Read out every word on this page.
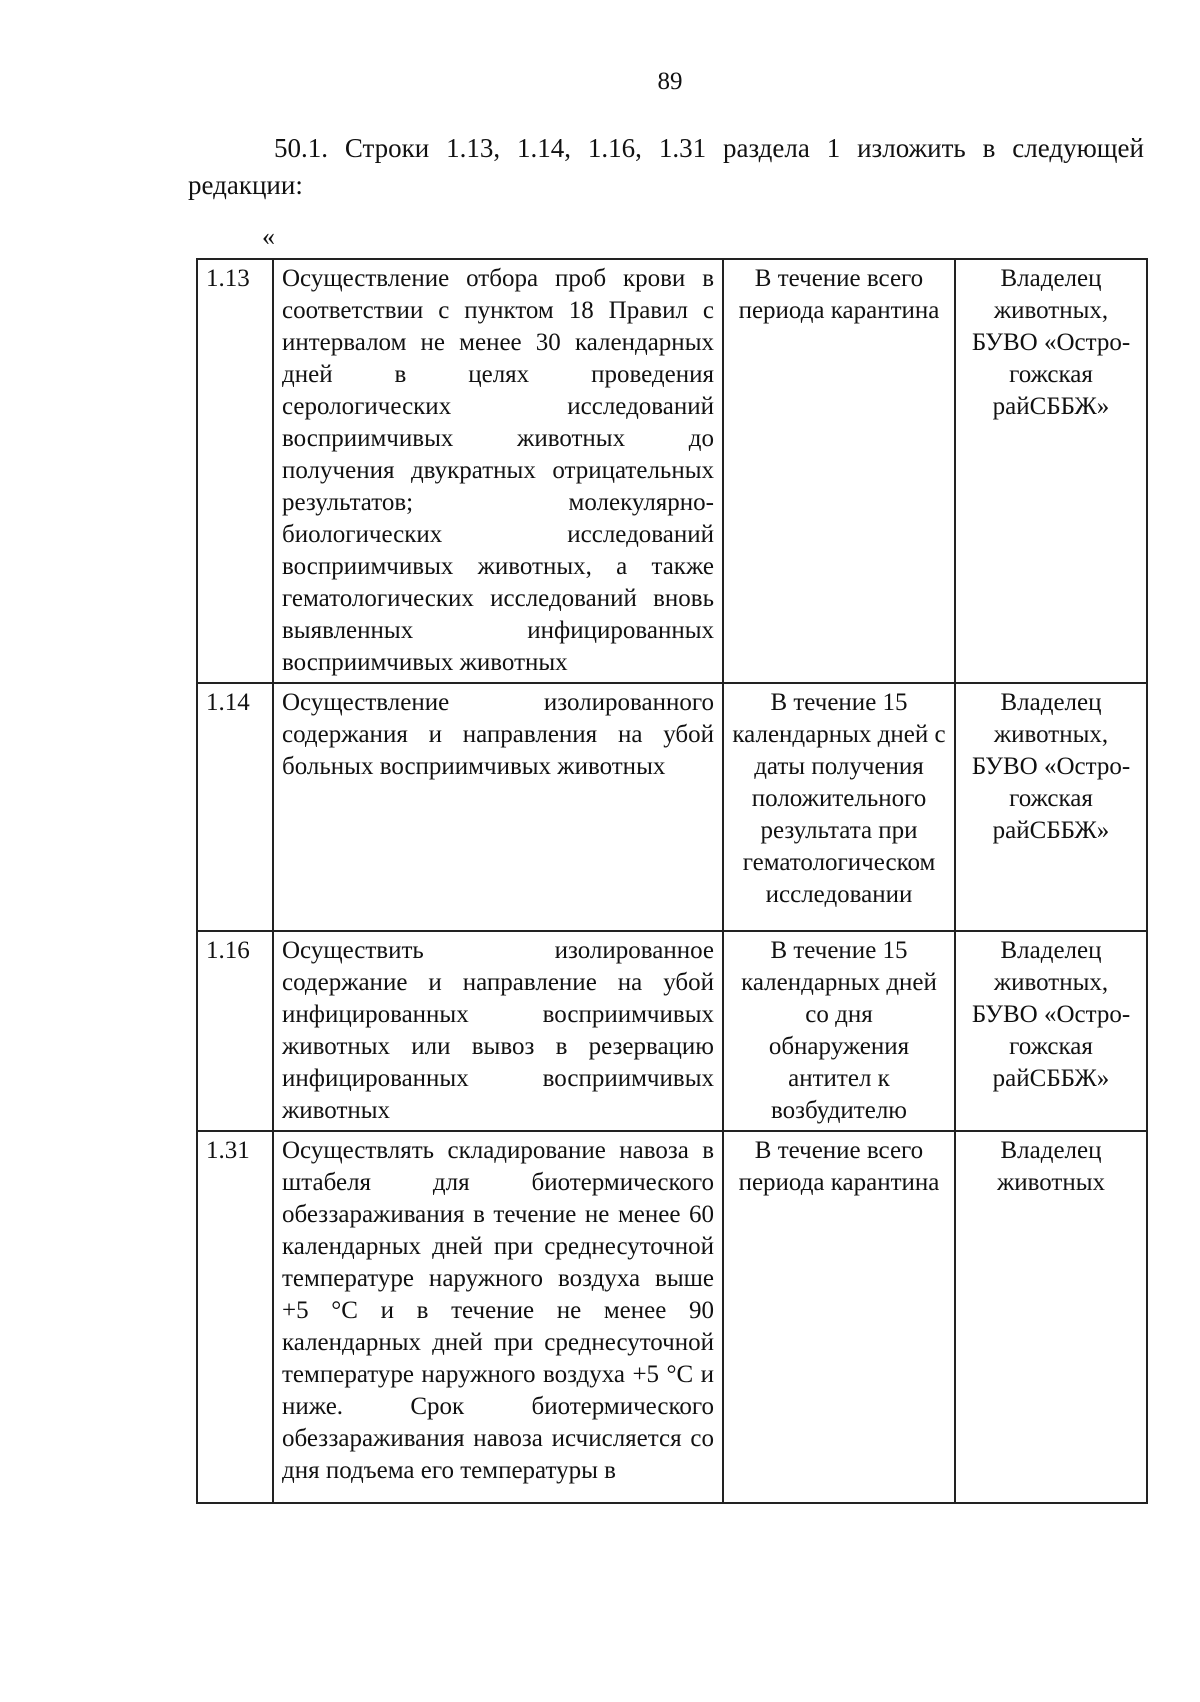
89

50.1. Строки 1.13, 1.14, 1.16, 1.31 раздела 1 изложить в следующей редакции:

«
1.13	Осуществление отбора проб крови в соответствии с пунктом 18 Правил с интервалом не менее 30 календарных дней в целях проведения серологических исследований восприимчивых животных до получения двукратных отрицательных результатов; молекулярно-биологических исследований восприимчивых животных, а также гематологических исследований вновь выявленных инфицированных восприимчивых животных	В течение всего периода карантина	Владелец животных, БУВО «Остро-гожская райСББЖ»
1.14	Осуществление изолированного содержания и направления на убой больных восприимчивых животных	В течение 15 календарных дней с даты получения положительного результата при гематологическом исследовании	Владелец животных, БУВО «Остро-гожская райСББЖ»
1.16	Осуществить изолированное содержание и направление на убой инфицированных восприимчивых животных или вывоз в резервацию инфицированных восприимчивых животных	В течение 15 календарных дней со дня обнаружения антител к возбудителю	Владелец животных, БУВО «Остро-гожская райСББЖ»
1.31	Осуществлять складирование навоза в штабеля для биотермического обеззараживания в течение не менее 60 календарных дней при среднесуточной температуре наружного воздуха выше +5 °С и в течение не менее 90 календарных дней при среднесуточной температуре наружного воздуха +5 °С и ниже. Срок биотермического обеззараживания навоза исчисляется со дня подъема его температуры в	В течение всего периода карантина	Владелец животных
